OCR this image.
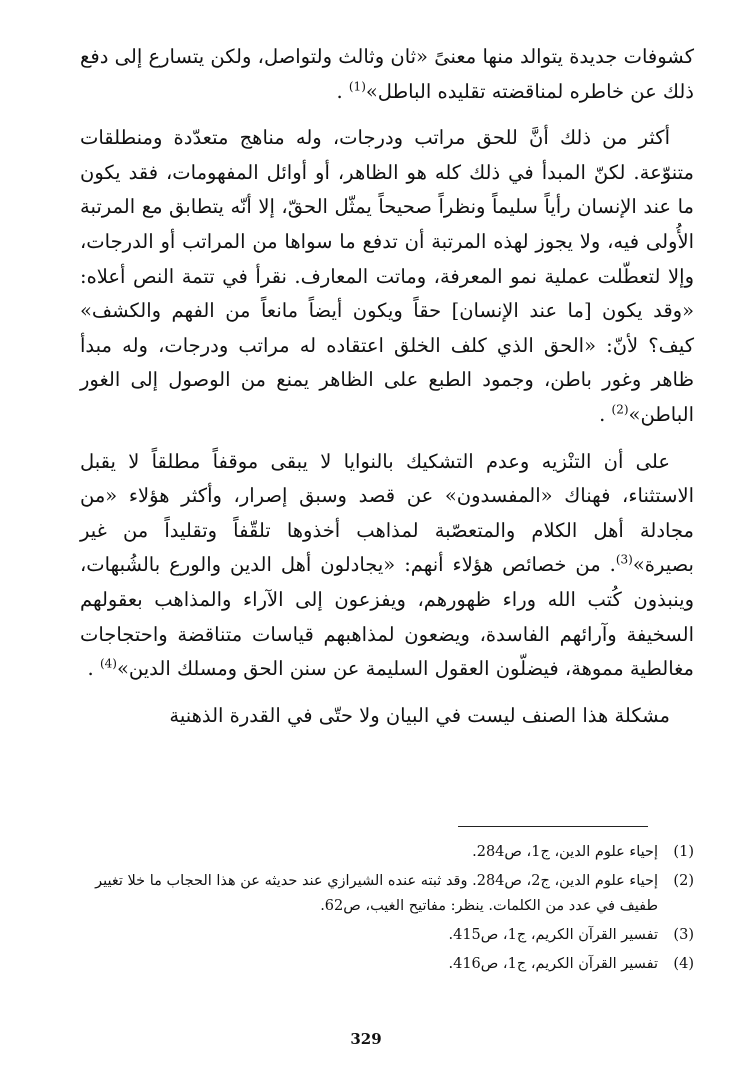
كشوفات جديدة يتوالد منها معنىً «ثان وثالث ولتواصل، ولكن يتسارع إلى دفع ذلك عن خاطره لمناقضته تقليده الباطل»$^{(1)}$ .

أكثر من ذلك أنَّ للحق مراتب ودرجات، وله مناهج متعدّدة ومنطلقات متنوّعة. لكنّ المبدأ في ذلك كله هو الظاهر، أو أوائل المفهومات، فقد يكون ما عند الإنسان رأياً سليماً ونظراً صحيحاً يمثّل الحقّ، إلا أنّه يتطابق مع المرتبة الأُولى فيه، ولا يجوز لهذه المرتبة أن تدفع ما سواها من المراتب أو الدرجات، وإلا لتعطّلت عملية نمو المعرفة، وماتت المعارف. نقرأ في تتمة النص أعلاه: «وقد يكون [ما عند الإنسان] حقاً ويكون أيضاً مانعاً من الفهم والكشف» كيف؟ لأنّ: «الحق الذي كلف الخلق اعتقاده له مراتب ودرجات، وله مبدأ ظاهر وغور باطن، وجمود الطبع على الظاهر يمنع من الوصول إلى الغور الباطن»$^{(2)}$ .

على أن التنْزيه وعدم التشكيك بالنوايا لا يبقى موقفاً مطلقاً لا يقبل الاستثناء، فهناك «المفسدون» عن قصد وسبق إصرار، وأكثر هؤلاء «من مجادلة أهل الكلام والمتعصّبة لمذاهب أخذوها تلقّفاً وتقليداً من غير بصيرة»$^{(3)}$. من خصائص هؤلاء أنهم: «يجادلون أهل الدين والورع بالشُبهات، وينبذون كُتب الله وراء ظهورهم، ويفزعون إلى الآراء والمذاهب بعقولهم السخيفة وآرائهم الفاسدة، ويضعون لمذاهبهم قياسات متناقضة واحتجاجات مغالطية مموهة، فيضلّون العقول السليمة عن سنن الحق ومسلك الدين»$^{(4)}$ .

مشكلة هذا الصنف ليست في البيان ولا حتّى في القدرة الذهنية

(1)
إحياء علوم الدين، ج1، ص284.
(2)
إحياء علوم الدين، ج2، ص284. وقد ثبته عنده الشيرازي عند حديثه عن هذا الحجاب ما خلا تغيير طفيف في عدد من الكلمات. ينظر: مفاتيح الغيب، ص62.
(3)
تفسير القرآن الكريم، ج1، ص415.
(4)
تفسير القرآن الكريم، ج1، ص416.
329
